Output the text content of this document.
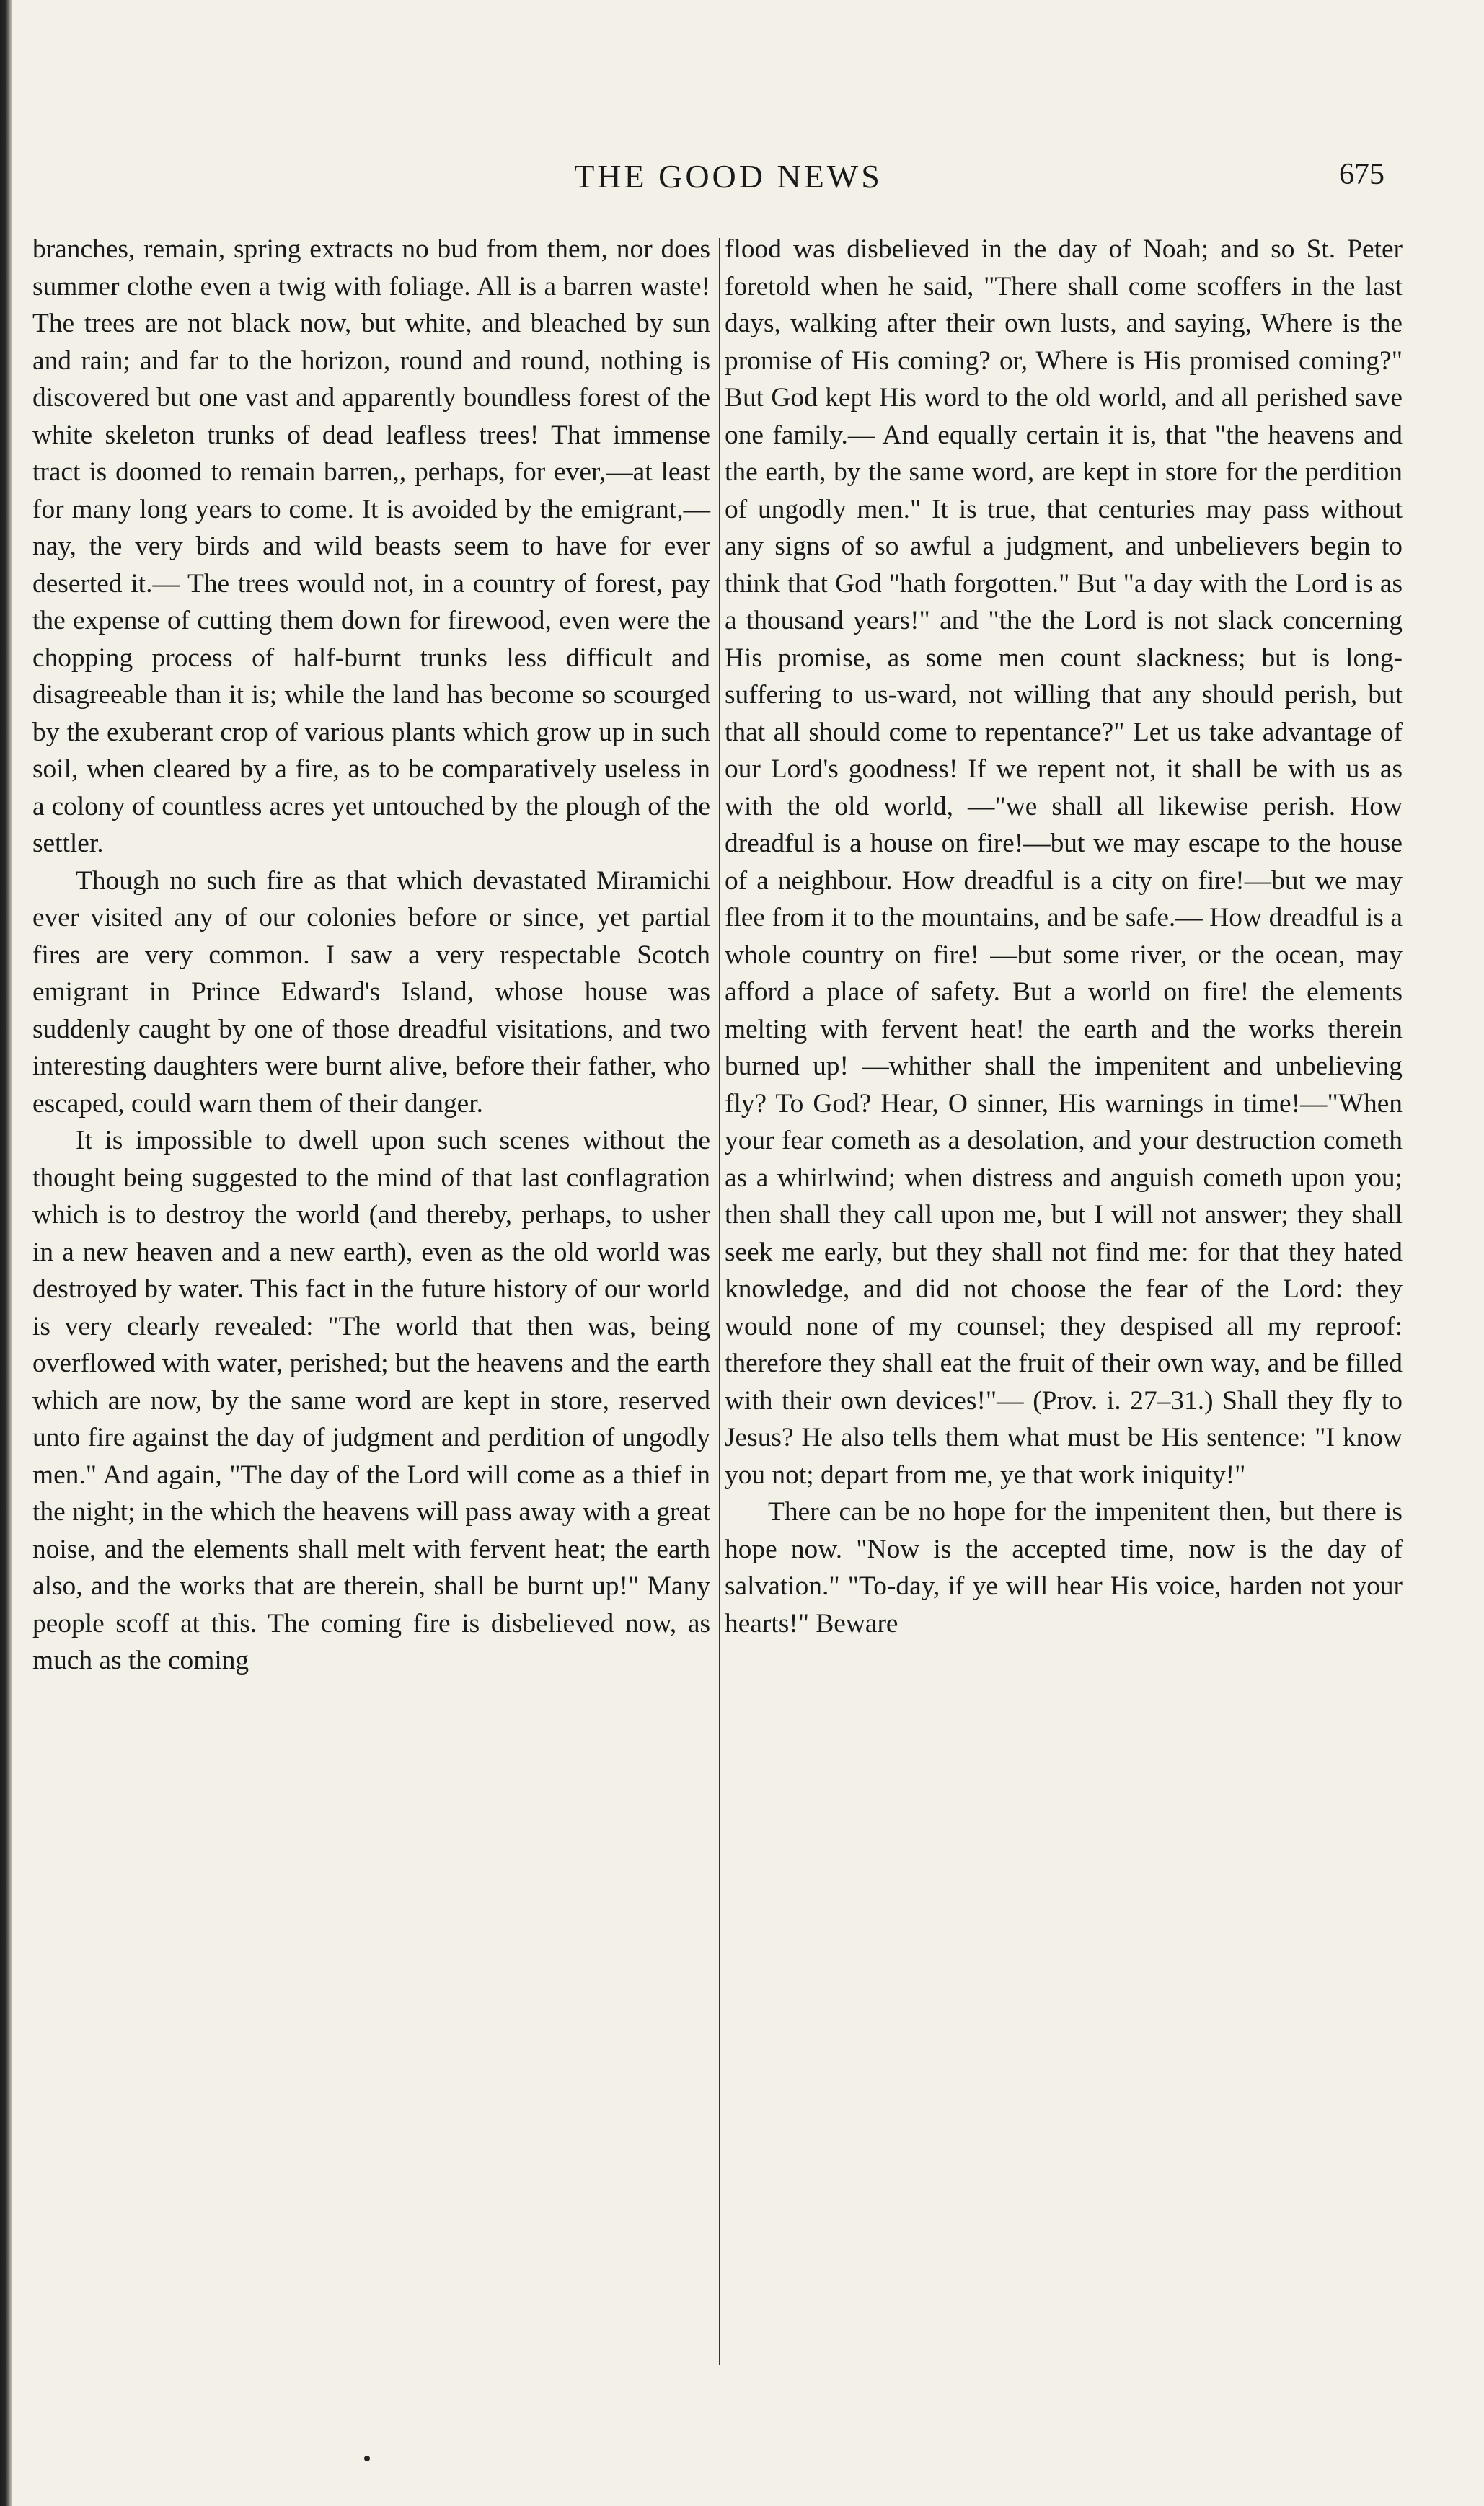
THE GOOD NEWS	675

branches, remain, spring extracts no bud from them, nor does summer clothe even a twig with foliage. All is a barren waste! The trees are not black now, but white, and bleached by sun and rain; and far to the horizon, round and round, nothing is discovered but one vast and apparently boundless forest of the white skeleton trunks of dead leafless trees! That immense tract is doomed to remain barren,, perhaps, for ever,—at least for many long years to come. It is avoided by the emigrant,—nay, the very birds and wild beasts seem to have for ever deserted it.— The trees would not, in a country of forest, pay the expense of cutting them down for firewood, even were the chopping process of half-burnt trunks less difficult and disagreeable than it is; while the land has become so scourged by the exuberant crop of various plants which grow up in such soil, when cleared by a fire, as to be comparatively useless in a colony of countless acres yet untouched by the plough of the settler.

Though no such fire as that which devastated Miramichi ever visited any of our colonies before or since, yet partial fires are very common. I saw a very respectable Scotch emigrant in Prince Edward's Island, whose house was suddenly caught by one of those dreadful visitations, and two interesting daughters were burnt alive, before their father, who escaped, could warn them of their danger.

It is impossible to dwell upon such scenes without the thought being suggested to the mind of that last conflagration which is to destroy the world (and thereby, perhaps, to usher in a new heaven and a new earth), even as the old world was destroyed by water. This fact in the future history of our world is very clearly revealed: "The world that then was, being overflowed with water, perished; but the heavens and the earth which are now, by the same word are kept in store, reserved unto fire against the day of judgment and perdition of ungodly men." And again, "The day of the Lord will come as a thief in the night; in the which the heavens will pass away with a great noise, and the elements shall melt with fervent heat; the earth also, and the works that are therein, shall be burnt up!" Many people scoff at this. The coming fire is disbelieved now, as much as the coming

flood was disbelieved in the day of Noah; and so St. Peter foretold when he said, "There shall come scoffers in the last days, walking after their own lusts, and saying, Where is the promise of His coming? or, Where is His promised coming?" But God kept His word to the old world, and all perished save one family.— And equally certain it is, that "the heavens and the earth, by the same word, are kept in store for the perdition of ungodly men." It is true, that centuries may pass without any signs of so awful a judgment, and unbelievers begin to think that God "hath forgotten." But "a day with the Lord is as a thousand years!" and "the the Lord is not slack concerning His promise, as some men count slackness; but is long-suffering to us-ward, not willing that any should perish, but that all should come to repentance?" Let us take advantage of our Lord's goodness! If we repent not, it shall be with us as with the old world, —"we shall all likewise perish. How dreadful is a house on fire!—but we may escape to the house of a neighbour. How dreadful is a city on fire!—but we may flee from it to the mountains, and be safe.— How dreadful is a whole country on fire! —but some river, or the ocean, may afford a place of safety. But a world on fire! the elements melting with fervent heat! the earth and the works therein burned up! —whither shall the impenitent and unbelieving fly? To God? Hear, O sinner, His warnings in time!—"When your fear cometh as a desolation, and your destruction cometh as a whirlwind; when distress and anguish cometh upon you; then shall they call upon me, but I will not answer; they shall seek me early, but they shall not find me: for that they hated knowledge, and did not choose the fear of the Lord: they would none of my counsel; they despised all my reproof: therefore they shall eat the fruit of their own way, and be filled with their own devices!"— (Prov. i. 27–31.) Shall they fly to Jesus? He also tells them what must be His sentence: "I know you not; depart from me, ye that work iniquity!"

There can be no hope for the impenitent then, but there is hope now. "Now is the accepted time, now is the day of salvation." "To-day, if ye will hear His voice, harden not your hearts!" Beware
